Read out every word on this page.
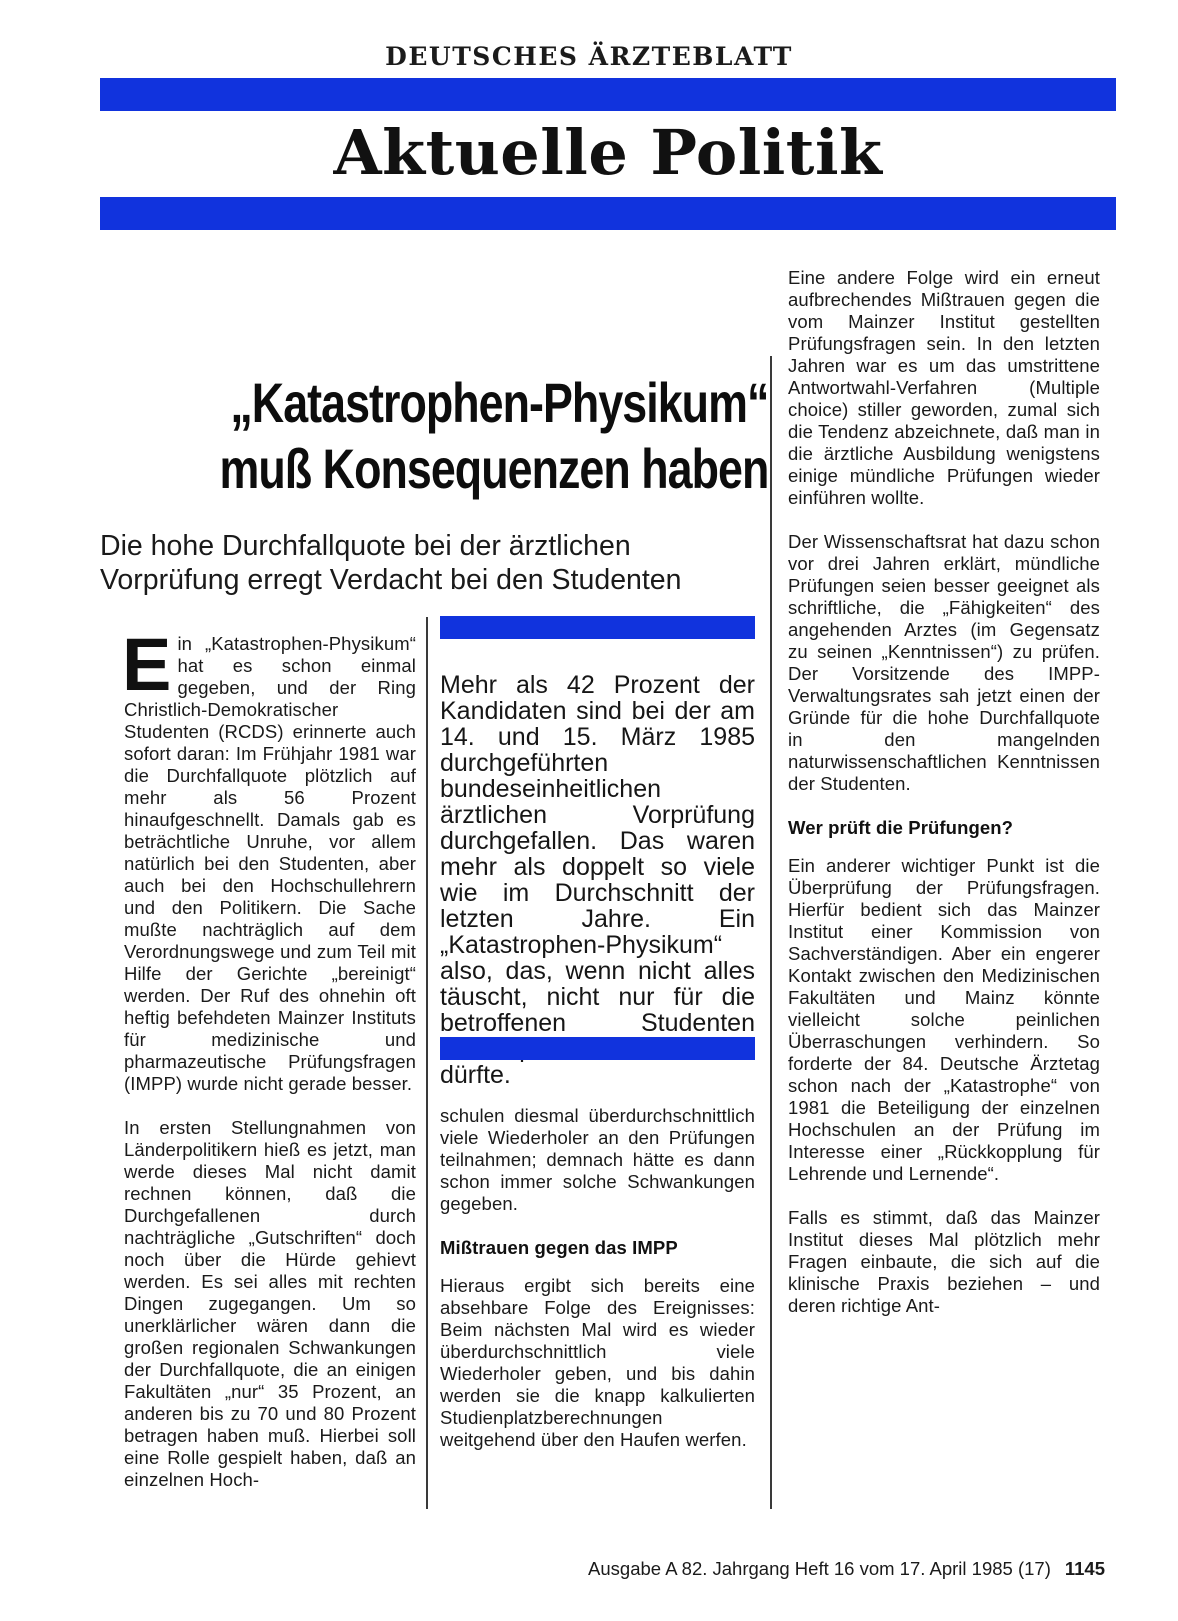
DEUTSCHES ÄRZTEBLATT
Aktuelle Politik
„Katastrophen-Physikum“
muß Konsequenzen haben
Die hohe Durchfallquote bei der ärztlichen Vorprüfung erregt Verdacht bei den Studenten

Ein „Katastrophen-Physikum“ hat es schon einmal gegeben, und der Ring Christlich-Demokratischer Studenten (RCDS) erinnerte auch sofort daran: Im Frühjahr 1981 war die Durchfallquote plötzlich auf mehr als 56 Prozent hinaufgeschnellt. Damals gab es beträchtliche Unruhe, vor allem natürlich bei den Studenten, aber auch bei den Hochschullehrern und den Politikern. Die Sache mußte nachträglich auf dem Verordnungswege und zum Teil mit Hilfe der Gerichte „bereinigt“ werden. Der Ruf des ohnehin oft heftig befehdeten Mainzer Instituts für medizinische und pharmazeutische Prüfungsfragen (IMPP) wurde nicht gerade besser.

In ersten Stellungnahmen von Länderpolitikern hieß es jetzt, man werde dieses Mal nicht damit rechnen können, daß die Durchgefallenen durch nachträgliche „Gutschriften“ doch noch über die Hürde gehievt werden. Es sei alles mit rechten Dingen zugegangen. Um so unerklärlicher wären dann die großen regionalen Schwankungen der Durchfallquote, die an einigen Fakultäten „nur“ 35 Prozent, an anderen bis zu 70 und 80 Prozent betragen haben muß. Hierbei soll eine Rolle gespielt haben, daß an einzelnen Hoch-

Mehr als 42 Prozent der Kandidaten sind bei der am 14. und 15. März 1985 durchgeführten bundeseinheitlichen ärztlichen Vorprüfung durchgefallen. Das waren mehr als doppelt so viele wie im Durchschnitt der letzten Jahre. Ein „Katastrophen-Physikum“ also, das, wenn nicht alles täuscht, nicht nur für die betroffenen Studenten dürfte.

schulen diesmal überdurchschnittlich viele Wiederholer an den Prüfungen teilnahmen; demnach hätte es dann schon immer solche Schwankungen gegeben.

Mißtrauen gegen das IMPP

Hieraus ergibt sich bereits eine absehbare Folge des Ereignisses: Beim nächsten Mal wird es wieder überdurchschnittlich viele Wiederholer geben, und bis dahin werden sie die knapp kalkulierten Studienplatzberechnungen weitgehend über den Haufen werfen.

Eine andere Folge wird ein erneut aufbrechendes Mißtrauen gegen die vom Mainzer Institut gestellten Prüfungsfragen sein. In den letzten Jahren war es um das umstrittene Antwortwahl-Verfahren (Multiple choice) stiller geworden, zumal sich die Tendenz abzeichnete, daß man in die ärztliche Ausbildung wenigstens einige mündliche Prüfungen wieder einführen wollte.

Der Wissenschaftsrat hat dazu schon vor drei Jahren erklärt, mündliche Prüfungen seien besser geeignet als schriftliche, die „Fähigkeiten“ des angehenden Arztes (im Gegensatz zu seinen „Kenntnissen“) zu prüfen. Der Vorsitzende des IMPP-Verwaltungsrates sah jetzt einen der Gründe für die hohe Durchfallquote in den mangelnden naturwissenschaftlichen Kenntnissen der Studenten.

Wer prüft die Prüfungen?

Ein anderer wichtiger Punkt ist die Überprüfung der Prüfungsfragen. Hierfür bedient sich das Mainzer Institut einer Kommission von Sachverständigen. Aber ein engerer Kontakt zwischen den Medizinischen Fakultäten und Mainz könnte vielleicht solche peinlichen Überraschungen verhindern. So forderte der 84. Deutsche Ärztetag schon nach der „Katastrophe“ von 1981 die Beteiligung der einzelnen Hochschulen an der Prüfung im Interesse einer „Rückkopplung für Lehrende und Lernende“.

Falls es stimmt, daß das Mainzer Institut dieses Mal plötzlich mehr Fragen einbaute, die sich auf die klinische Praxis beziehen – und deren richtige Ant-

Ausgabe A 82. Jahrgang Heft 16 vom 17. April 1985 (17) 1145
